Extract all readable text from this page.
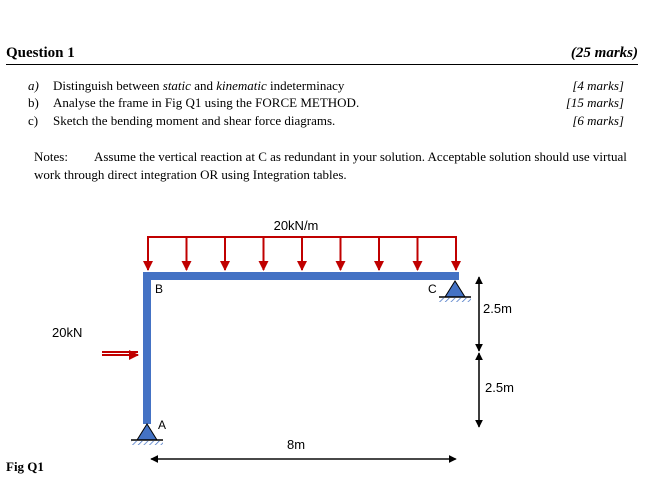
Question 1	(25 marks)
a) Distinguish between static and kinematic indeterminacy	[4 marks]
b) Analyse the frame in Fig Q1 using the FORCE METHOD.	[15 marks]
c) Sketch the bending moment and shear force diagrams.	[6 marks]
Notes: Assume the vertical reaction at C as redundant in your solution. Acceptable solution should use virtual work through direct integration OR using Integration tables.
20kN/m
20kN
B	C
A
2.5m
2.5m
8m
Fig Q1
